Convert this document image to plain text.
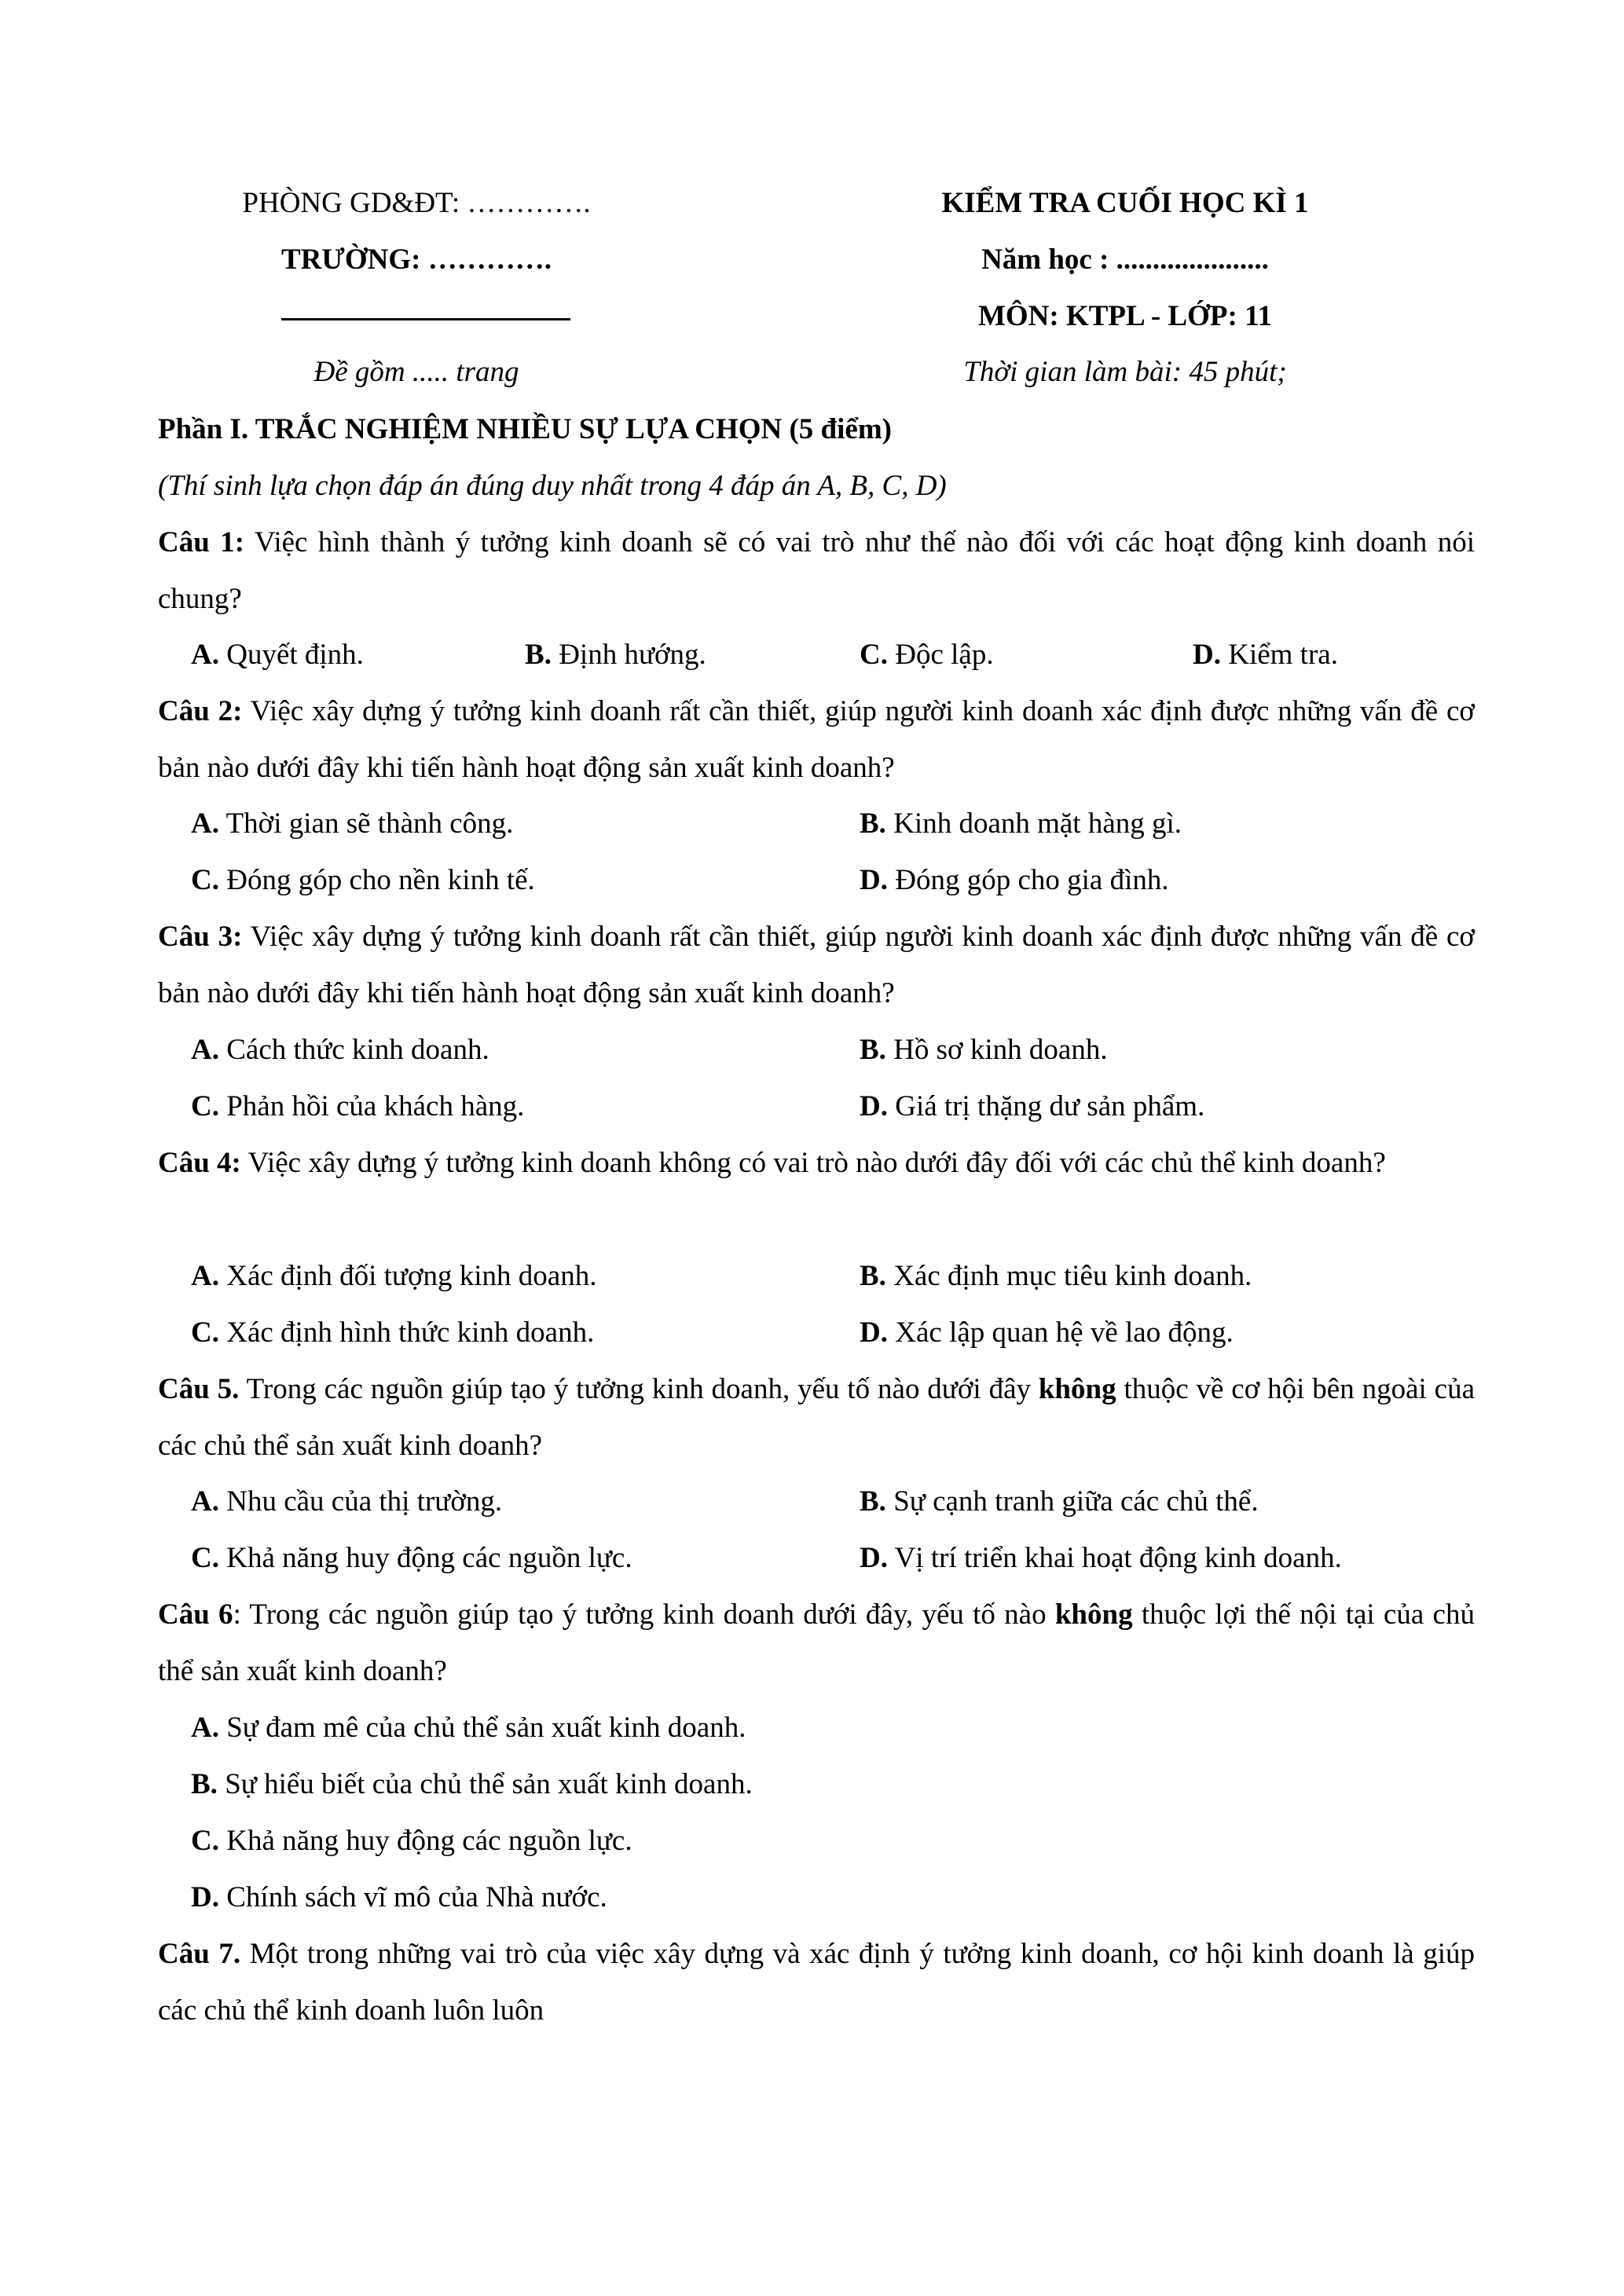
PHÒNG GD&ĐT: ………….
TRƯỜNG: ………….
Đề gồm ..... trang
KIỂM TRA CUỐI HỌC KÌ 1
Năm học : .....................
MÔN: KTPL - LỚP: 11
Thời gian làm bài: 45 phút;
Phần I. TRẮC NGHIỆM NHIỀU SỰ LỰA CHỌN (5 điểm)
(Thí sinh lựa chọn đáp án đúng duy nhất trong 4 đáp án A, B, C, D)

Câu 1: Việc hình thành ý tưởng kinh doanh sẽ có vai trò như thế nào đối với các hoạt động kinh doanh nói chung?

A. Quyết định.	B. Định hướng.	C. Độc lập.	D. Kiểm tra.

Câu 2: Việc xây dựng ý tưởng kinh doanh rất cần thiết, giúp người kinh doanh xác định được những vấn đề cơ bản nào dưới đây khi tiến hành hoạt động sản xuất kinh doanh?

A. Thời gian sẽ thành công.	B. Kinh doanh mặt hàng gì.
C. Đóng góp cho nền kinh tế.	D. Đóng góp cho gia đình.

Câu 3: Việc xây dựng ý tưởng kinh doanh rất cần thiết, giúp người kinh doanh xác định được những vấn đề cơ bản nào dưới đây khi tiến hành hoạt động sản xuất kinh doanh?

A. Cách thức kinh doanh.	B. Hồ sơ kinh doanh.
C. Phản hồi của khách hàng.	D. Giá trị thặng dư sản phẩm.

Câu 4: Việc xây dựng ý tưởng kinh doanh không có vai trò nào dưới đây đối với các chủ thể kinh doanh?

A. Xác định đối tượng kinh doanh.	B. Xác định mục tiêu kinh doanh.
C. Xác định hình thức kinh doanh.	D. Xác lập quan hệ về lao động.

Câu 5. Trong các nguồn giúp tạo ý tưởng kinh doanh, yếu tố nào dưới đây không thuộc về cơ hội bên ngoài của các chủ thể sản xuất kinh doanh?

A. Nhu cầu của thị trường.	B. Sự cạnh tranh giữa các chủ thể.
C. Khả năng huy động các nguồn lực.	D. Vị trí triển khai hoạt động kinh doanh.

Câu 6: Trong các nguồn giúp tạo ý tưởng kinh doanh dưới đây, yếu tố nào không thuộc lợi thế nội tại của chủ thể sản xuất kinh doanh?

A. Sự đam mê của chủ thể sản xuất kinh doanh.
B. Sự hiểu biết của chủ thể sản xuất kinh doanh.
C. Khả năng huy động các nguồn lực.
D. Chính sách vĩ mô của Nhà nước.

Câu 7. Một trong những vai trò của việc xây dựng và xác định ý tưởng kinh doanh, cơ hội kinh doanh là giúp các chủ thể kinh doanh luôn luôn
